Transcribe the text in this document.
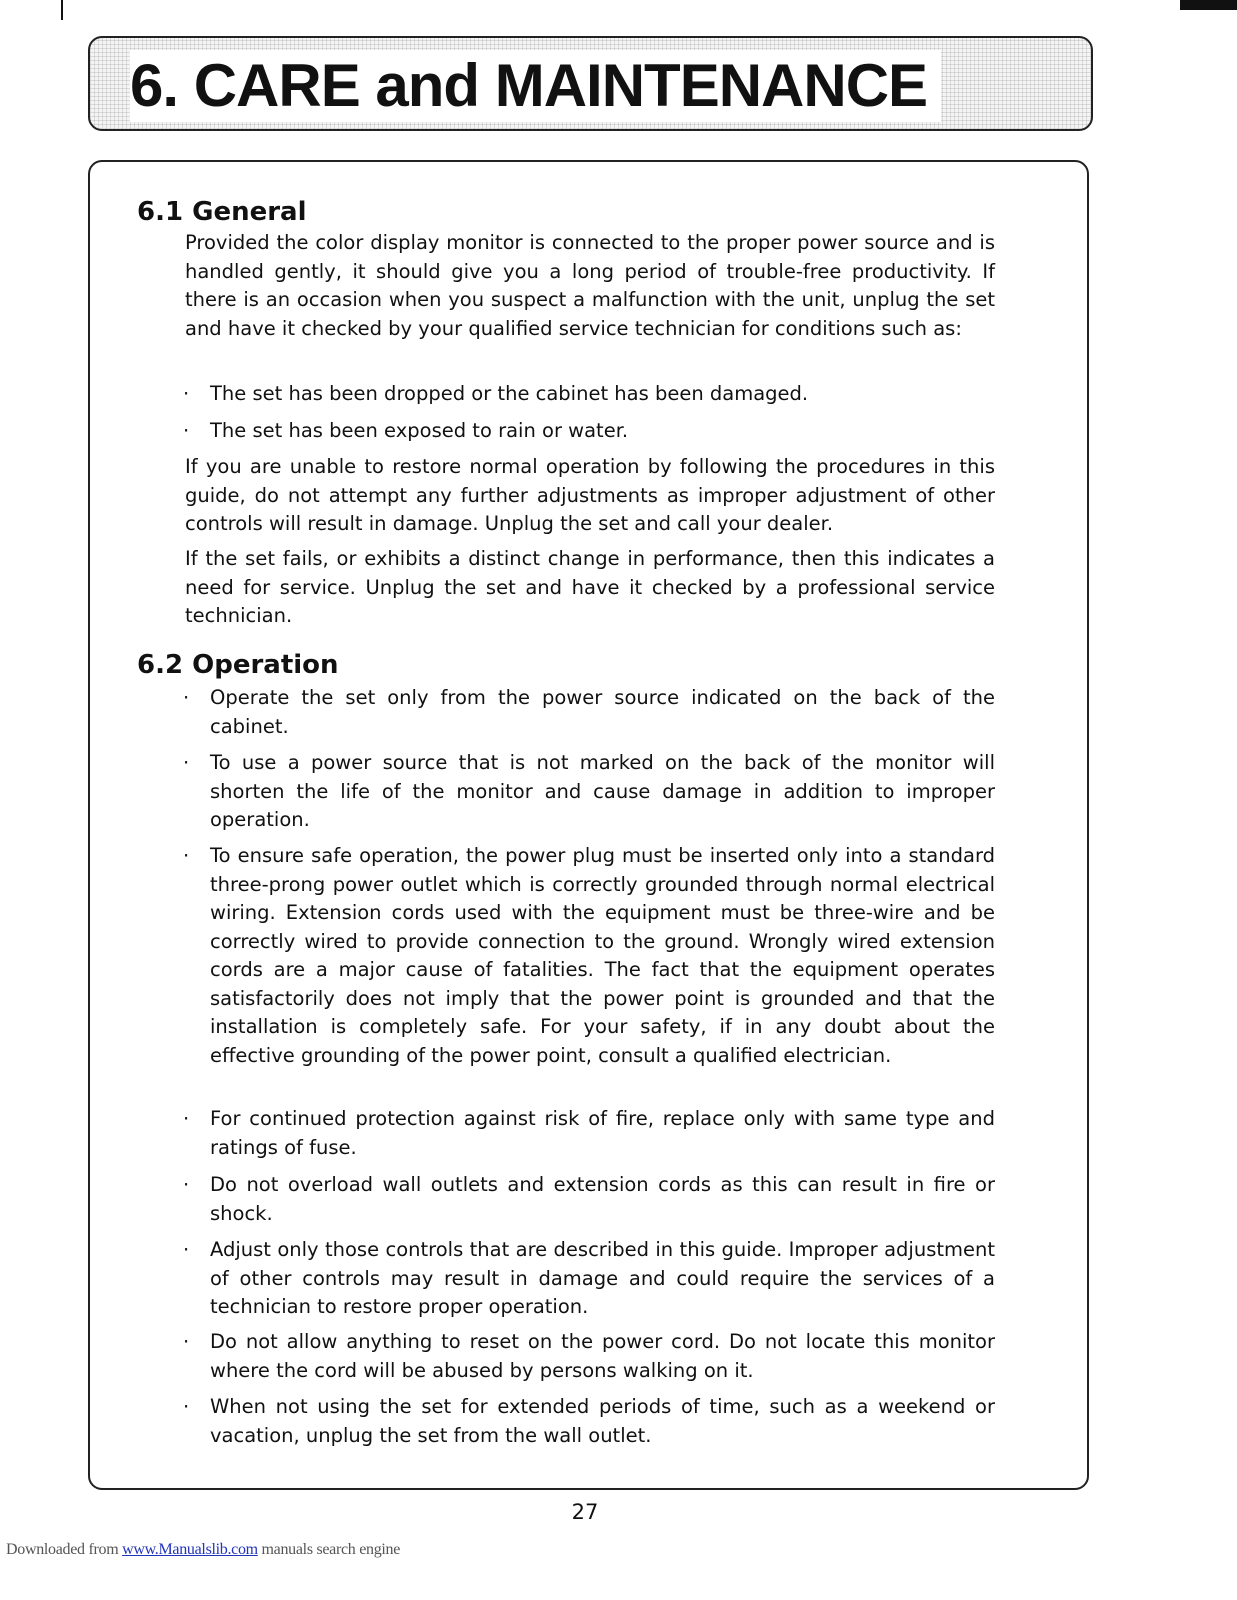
6. CARE and MAINTENANCE
6.1 General
Provided the color display monitor is connected to the proper power source and is handled gently, it should give you a long period of trouble-free productivity. If there is an occasion when you suspect a malfunction with the unit, unplug the set and have it checked by your qualified service technician for conditions such as:
· The set has been dropped or the cabinet has been damaged.
· The set has been exposed to rain or water.
If you are unable to restore normal operation by following the procedures in this guide, do not attempt any further adjustments as improper adjustment of other controls will result in damage. Unplug the set and call your dealer.
If the set fails, or exhibits a distinct change in performance, then this indicates a need for service. Unplug the set and have it checked by a professional service technician.
6.2 Operation
· Operate the set only from the power source indicated on the back of the cabinet.
· To use a power source that is not marked on the back of the monitor will shorten the life of the monitor and cause damage in addition to improper operation.
· To ensure safe operation, the power plug must be inserted only into a standard three-prong power outlet which is correctly grounded through normal electrical wiring. Extension cords used with the equipment must be three-wire and be correctly wired to provide connection to the ground. Wrongly wired extension cords are a major cause of fatalities. The fact that the equipment operates satisfactorily does not imply that the power point is grounded and that the installation is completely safe. For your safety, if in any doubt about the effective grounding of the power point, consult a qualified electrician.
· For continued protection against risk of fire, replace only with same type and ratings of fuse.
· Do not overload wall outlets and extension cords as this can result in fire or shock.
· Adjust only those controls that are described in this guide. Improper adjustment of other controls may result in damage and could require the services of a technician to restore proper operation.
· Do not allow anything to reset on the power cord. Do not locate this monitor where the cord will be abused by persons walking on it.
· When not using the set for extended periods of time, such as a weekend or vacation, unplug the set from the wall outlet.
27
Downloaded from www.Manualslib.com manuals search engine
